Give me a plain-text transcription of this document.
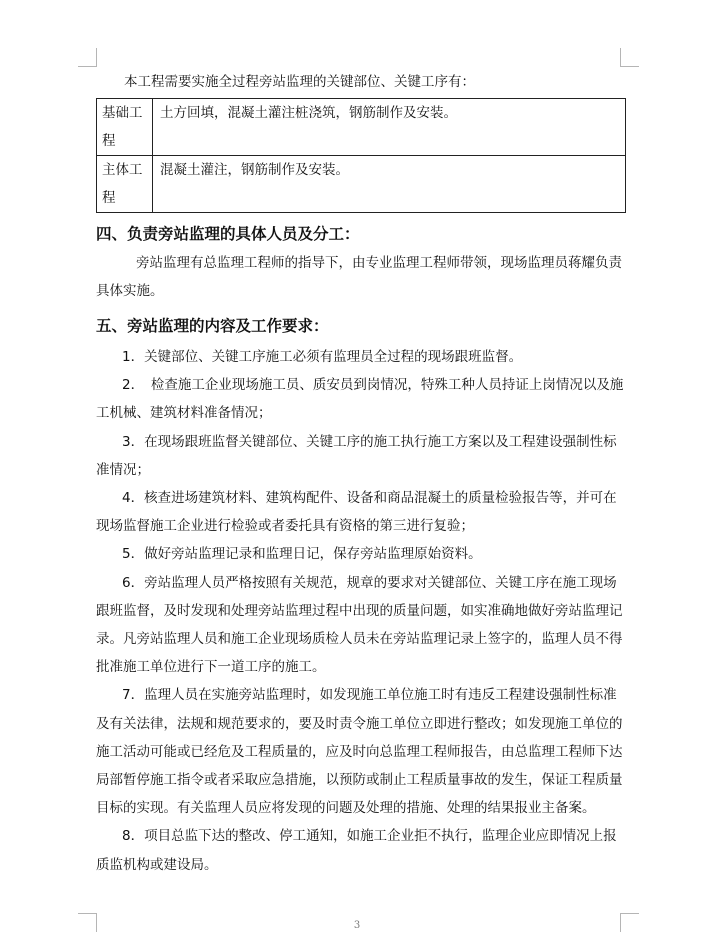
本工程需要实施全过程旁站监理的关键部位、关键工序有：

基础工程	土方回填，混凝土灌注桩浇筑，钢筋制作及安装。
主体工程	混凝土灌注，钢筋制作及安装。
四、负责旁站监理的具体人员及分工：

旁站监理有总监理工程师的指导下，由专业监理工程师带领，现场监理员蒋耀负责具体实施。

五、旁站监理的内容及工作要求：

1．关键部位、关键工序施工必须有监理员全过程的现场跟班监督。

2．　检查施工企业现场施工员、质安员到岗情况，特殊工种人员持证上岗情况以及施工机械、建筑材料准备情况；

3．在现场跟班监督关键部位、关键工序的施工执行施工方案以及工程建设强制性标准情况；

4．核查进场建筑材料、建筑构配件、设备和商品混凝土的质量检验报告等，并可在现场监督施工企业进行检验或者委托具有资格的第三进行复验；

5．做好旁站监理记录和监理日记，保存旁站监理原始资料。

6．旁站监理人员严格按照有关规范，规章的要求对关键部位、关键工序在施工现场跟班监督，及时发现和处理旁站监理过程中出现的质量问题，如实准确地做好旁站监理记录。凡旁站监理人员和施工企业现场质检人员未在旁站监理记录上签字的，监理人员不得批准施工单位进行下一道工序的施工。

7．监理人员在实施旁站监理时，如发现施工单位施工时有违反工程建设强制性标准及有关法律，法规和规范要求的，要及时责令施工单位立即进行整改；如发现施工单位的施工活动可能或已经危及工程质量的，应及时向总监理工程师报告，由总监理工程师下达局部暂停施工指令或者采取应急措施，以预防或制止工程质量事故的发生，保证工程质量目标的实现。有关监理人员应将发现的问题及处理的措施、处理的结果报业主备案。

8．项目总监下达的整改、停工通知，如施工企业拒不执行，监理企业应即情况上报质监机构或建设局。

3
